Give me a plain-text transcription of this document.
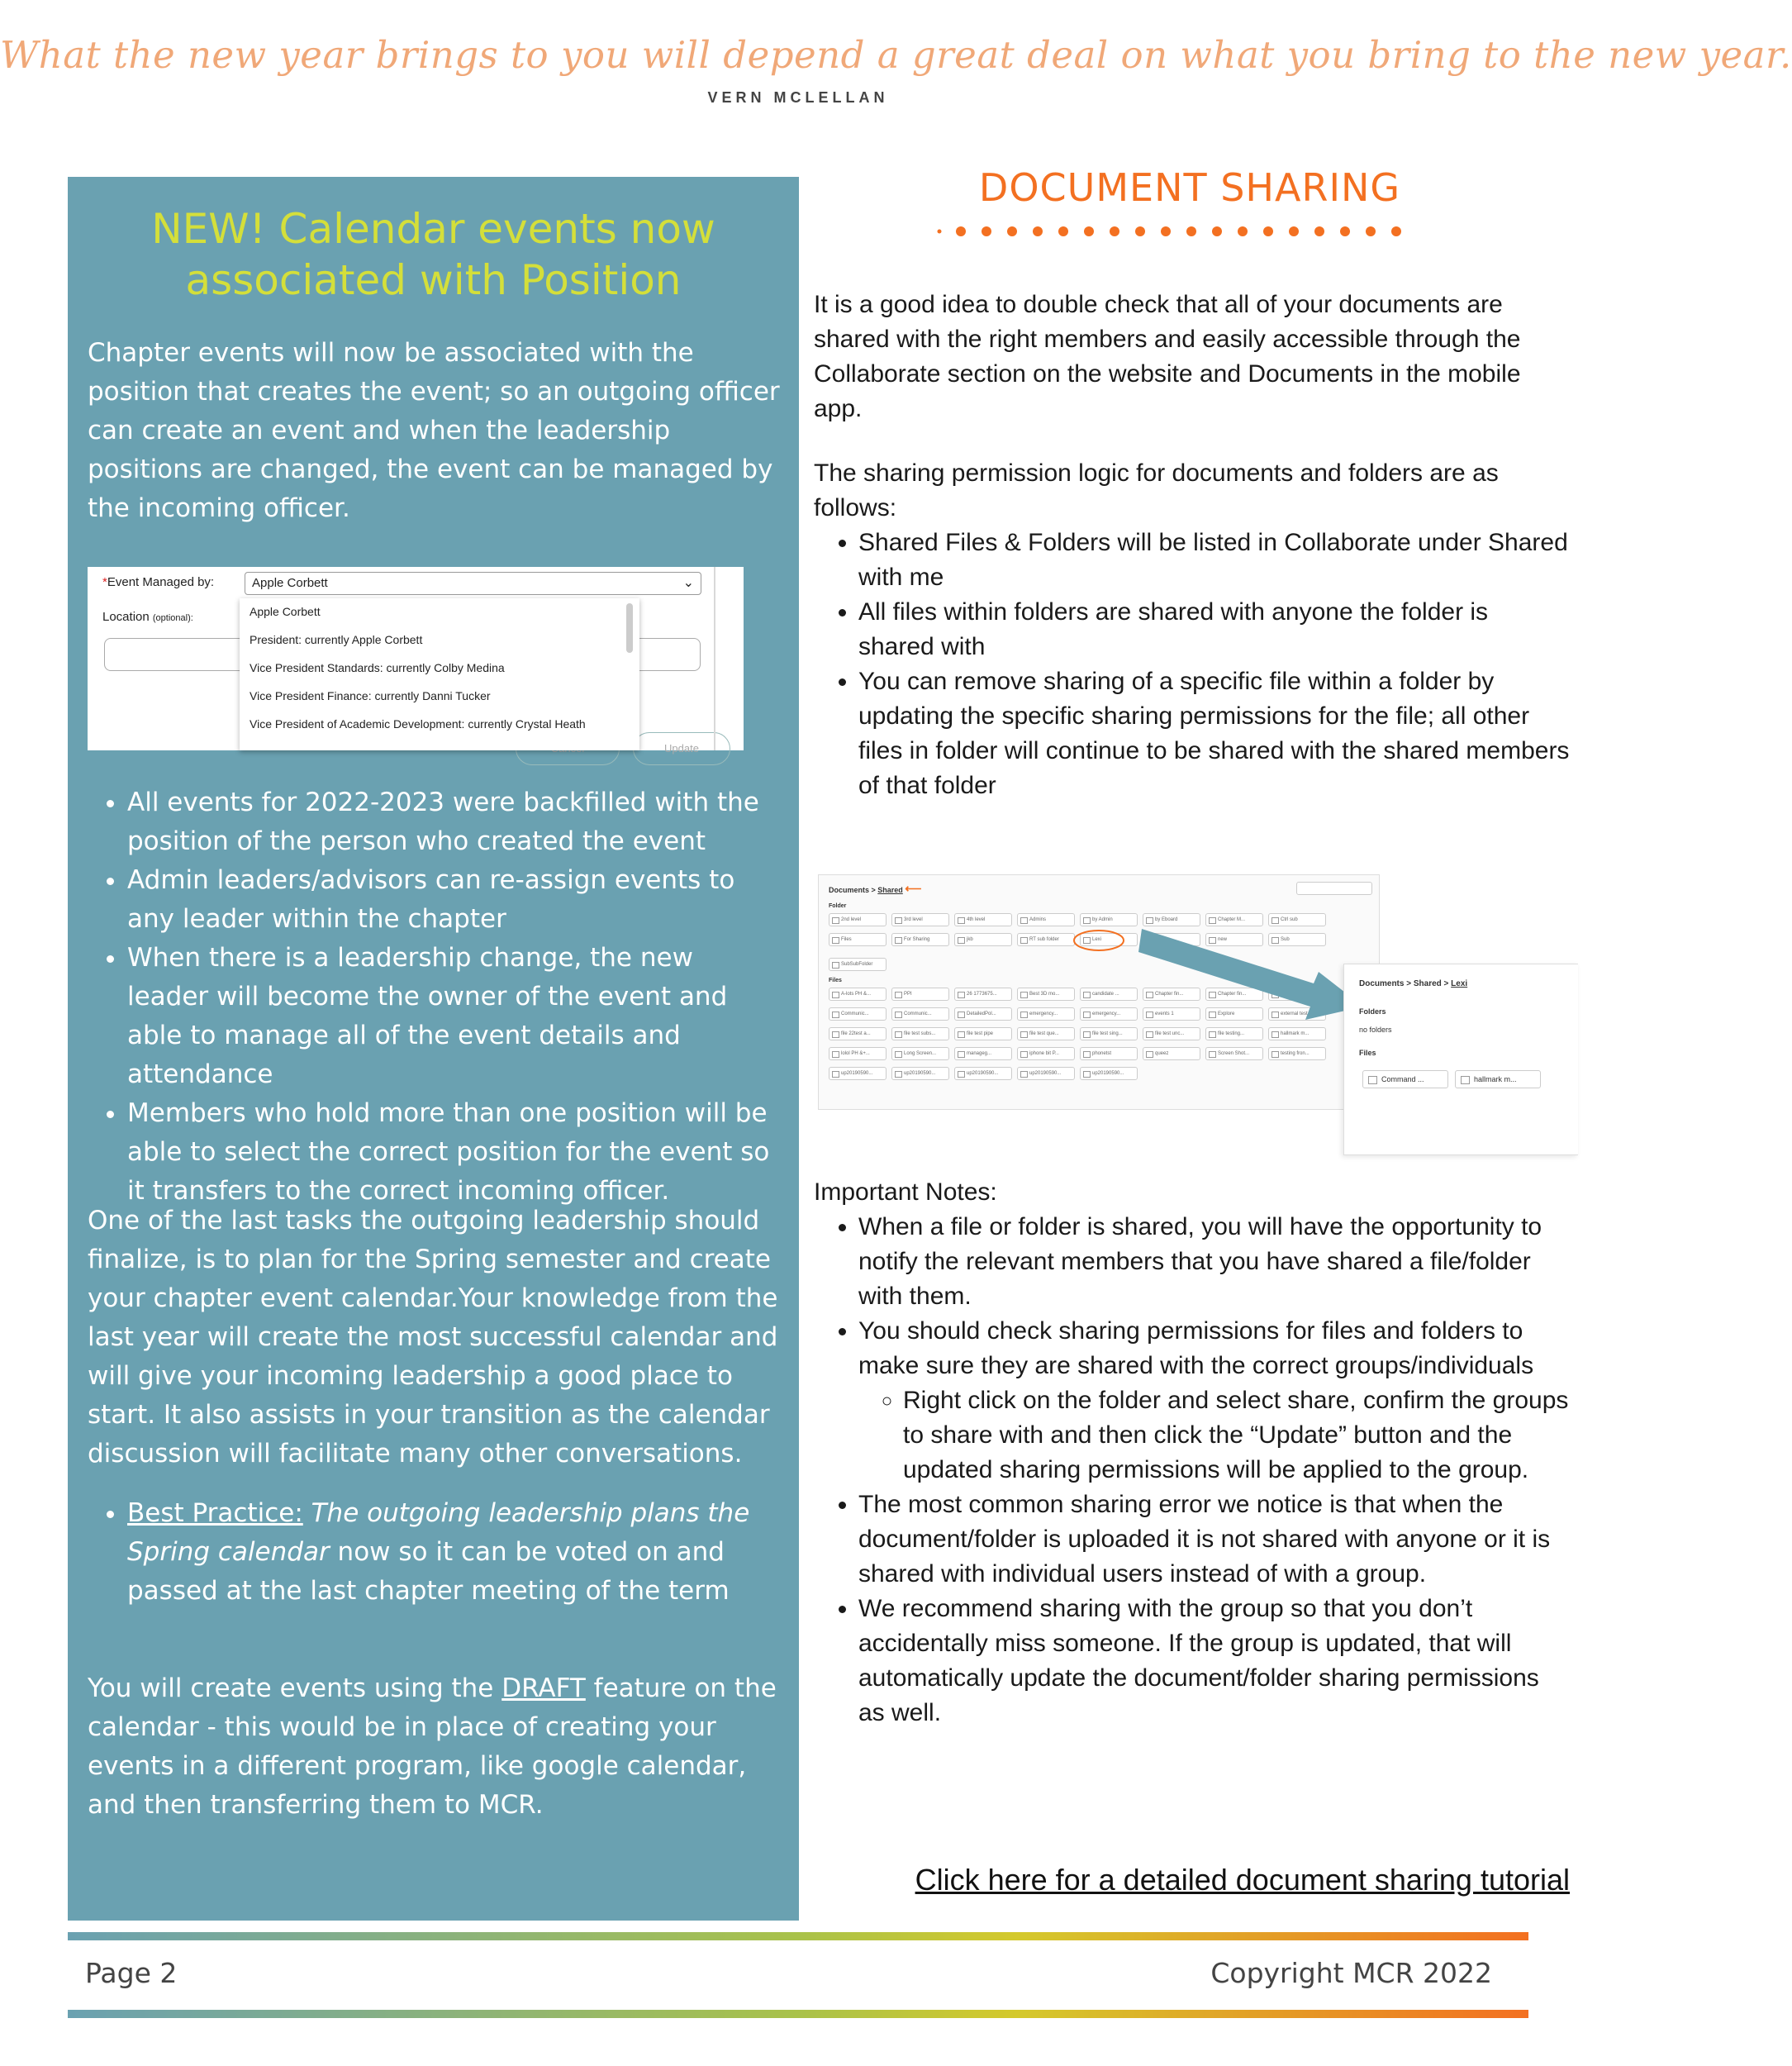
What the new year brings to you will depend a great deal on what you bring to the new year.
VERN MCLELLAN
NEW! Calendar events now
associated with Position

Chapter events will now be associated with the position that creates the event; so an outgoing officer can create an event and when the leadership positions are changed, the event can be managed by the incoming officer.

*Event Managed by:
Location (optional):
Apple Corbett	⌄
Update
Apple Corbett
President: currently Apple Corbett
Vice President Standards: currently Colby Medina
Vice President Finance: currently Danni Tucker
Vice President of Academic Development: currently Crystal Heath
• All events for 2022-2023 were backfilled with the position of the person who created the event
• Admin leaders/advisors can re-assign events to any leader within the chapter
• When there is a leadership change, the new leader will become the owner of the event and able to manage all of the event details and attendance
• Members who hold more than one position will be able to select the correct position for the event so it transfers to the correct incoming officer.

One of the last tasks the outgoing leadership should finalize, is to plan for the Spring semester and create your chapter event calendar.Your knowledge from the last year will create the most successful calendar and will give your incoming leadership a good place to start. It also assists in your transition as the calendar discussion will facilitate many other conversations.

• Best Practice: The outgoing leadership plans the Spring calendar now so it can be voted on and passed at the last chapter meeting of the term

You will create events using the DRAFT feature on the calendar - this would be in place of creating your events in a different program, like google calendar, and then transferring them to MCR.

DOCUMENT SHARING

It is a good idea to double check that all of your documents are shared with the right members and easily accessible through the Collaborate section on the website and Documents in the mobile app.

The sharing permission logic for documents and folders are as follows:

• Shared Files & Folders will be listed in Collaborate under Shared with me
• All files within folders are shared with anyone the folder is shared with
• You can remove sharing of a specific file within a folder by updating the specific sharing permissions for the file; all other files in folder will continue to be shared with the shared members of that folder
Documents > Shared ⟵
Folder
Files
2nd level	3rd level	4th level	Admins	by Admin	by Eboard	Chapter M...	Ctrl sub
Files	For Sharing	jkb	RT sub folder	Lexi	new	Sub
A-lots PH &...	PPI	26 1773675...	Best 3D mo...	candidate ...	Chapter fin...	Chapter fin...
Communic...	Communic...	DetailedPol...	emergency...	emergency...	events 1	Explore	external test
file 22test a...	file test subs...	file test pipe	file test que...	file test sing...	file test unc...	file testing...	hallmark m...
lolol PH &+...	Long Screen...	manageg...	iphone bit P...	phonetst	queez	Screen Shot...	testing fron...
up20190590...	up20190590...	up20190590...	up20190590...	up20190590...
SubSubFolder
Documents > Shared > Lexi
Folders
no folders
Files
Command ...	hallmark m...
Important Notes:
• When a file or folder is shared, you will have the opportunity to notify the relevant members that you have shared a file/folder with them.
• You should check sharing permissions for files and folders to make sure they are shared with the correct groups/individuals
◦ Right click on the folder and select share, confirm the groups to share with and then click the “Update” button and the updated sharing permissions will be applied to the group.
• The most common sharing error we notice is that when the document/folder is uploaded it is not shared with anyone or it is shared with individual users instead of with a group.
• We recommend sharing with the group so that you don’t accidentally miss someone. If the group is updated, that will automatically update the document/folder sharing permissions as well.
Click here for a detailed document sharing tutorial
Page 2	Copyright MCR 2022
